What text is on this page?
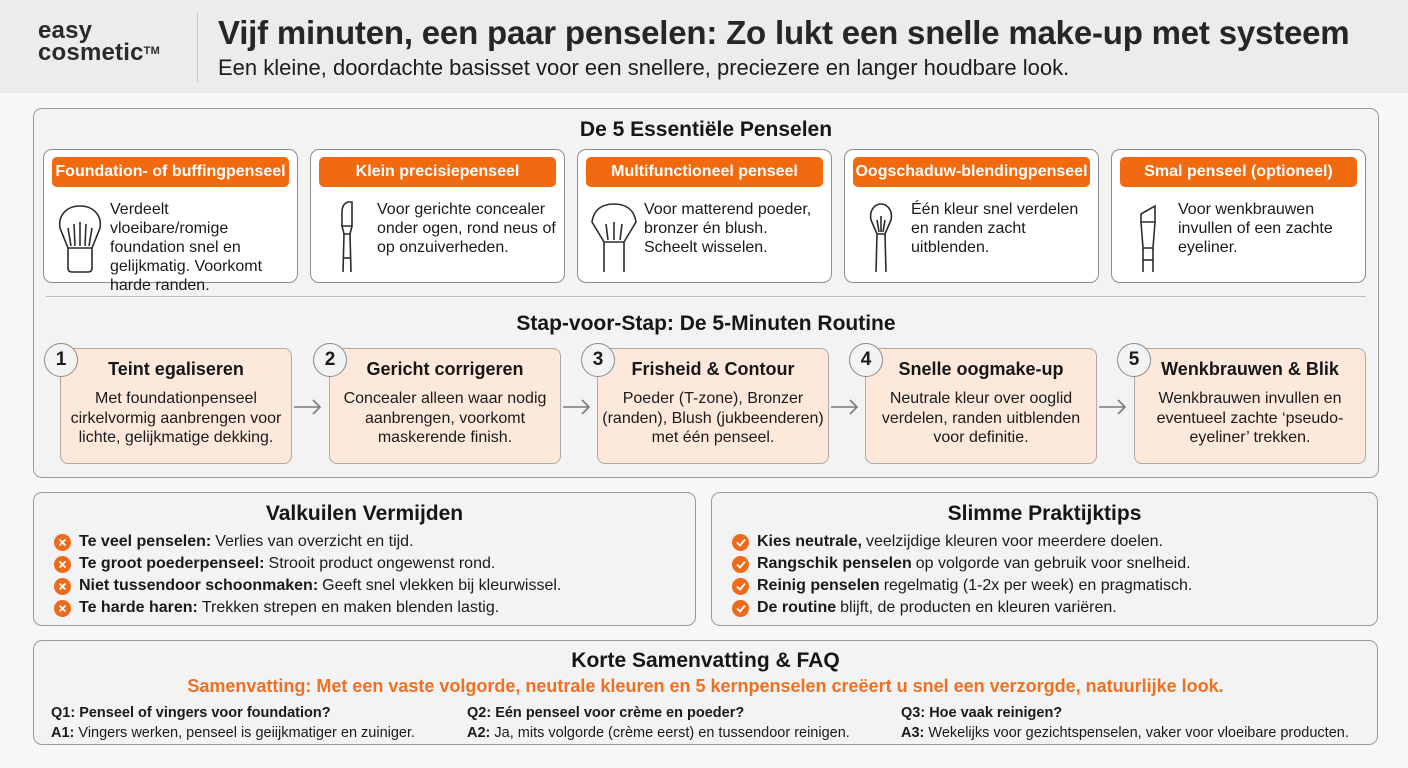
easy
cosmetic™ Vijf minuten, een paar penselen: Zo lukt een snelle make-up met systeem
Een kleine, doordachte basisset voor een snellere, preciezere en langer houdbare look.
De 5 Essentiële Penselen
Stap-voor-Stap: De 5-Minuten Routine
Foundation- of buffingpenseel
Verdeelt vloeibare/romige foundation snel en gelijkmatig. Voorkomt harde randen.
Klein precisiepenseel
Voor gerichte concealer onder ogen, rond neus of op onzuiverheden.
Multifunctioneel penseel
Voor matterend poeder, bronzer én blush. Scheelt wisselen.
Oogschaduw-blendingpenseel
Één kleur snel verdelen en randen zacht uitblenden.
Smal penseel (optioneel)
Voor wenkbrauwen invullen of een zachte eyeliner.
Teint egaliseren
Met foundationpenseel cirkelvormig aanbrengen voor lichte, gelijkmatige dekking.
1	Gericht corrigeren
Concealer alleen waar nodig aanbrengen, voorkomt maskerende finish.
2	Frisheid & Contour
Poeder (T-zone), Bronzer (randen), Blush (jukbeenderen) met één penseel.
3	Snelle oogmake-up
Neutrale kleur over ooglid verdelen, randen uitblenden voor definitie.
4	Wenkbrauwen & Blik
Wenkbrauwen invullen en eventueel zachte ‘pseudo-eyeliner’ trekken.
5
Valkuilen Vermijden
Te veel penselen: Verlies van overzicht en tijd.
Te groot poederpenseel: Strooit product ongewenst rond.
Niet tussendoor schoonmaken: Geeft snel vlekken bij kleurwissel.
Te harde haren: Trekken strepen en maken blenden lastig.
Slimme Praktijktips
Kies neutrale, veelzijdige kleuren voor meerdere doelen.
Rangschik penselen op volgorde van gebruik voor snelheid.
Reinig penselen regelmatig (1-2x per week) en pragmatisch.
De routine blijft, de producten en kleuren variëren.
Korte Samenvatting & FAQ
Samenvatting: Met een vaste volgorde, neutrale kleuren en 5 kernpenselen creëert u snel een verzorgde, natuurlijke look.
Q1: Penseel of vingers voor foundation?
A1: Vingers werken, penseel is geiijkmatiger en zuiniger.
Q2: Eén penseel voor crème en poeder?
A2: Ja, mits volgorde (crème eerst) en tussendoor reinigen.
Q3: Hoe vaak reinigen?
A3: Wekelijks voor gezichtspenselen, vaker voor vloeibare producten.
